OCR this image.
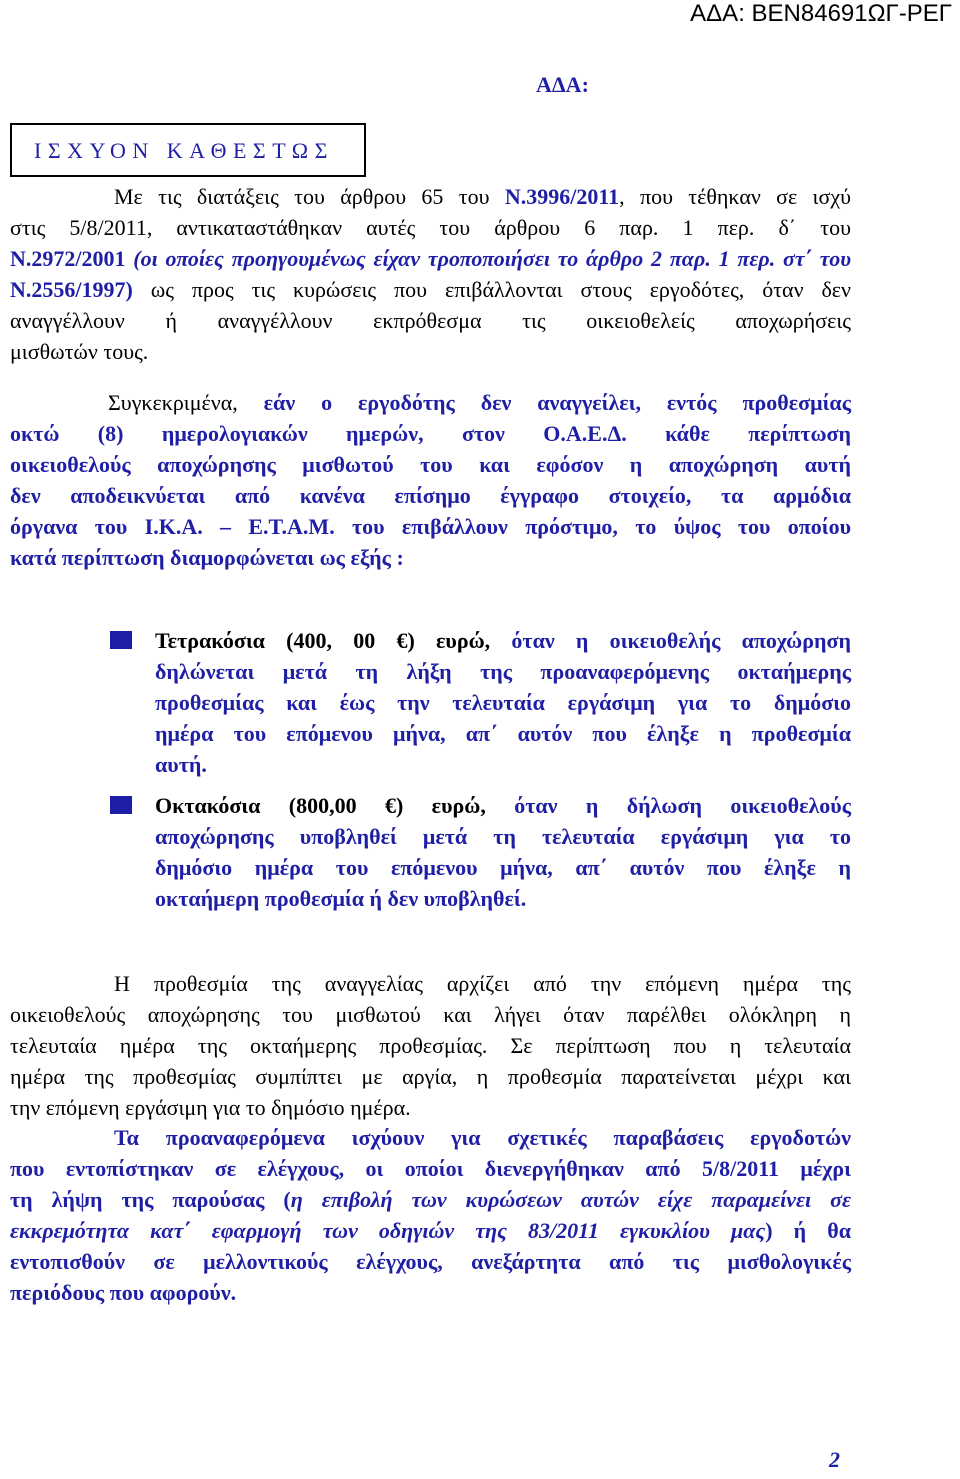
ΑΔΑ: ΒΕΝ84691ΩΓ-ΡΕΓ
ΑΔΑ:
ΙΣΧΥΟΝ ΚΑΘΕΣΤΩΣ
Με τις διατάξεις του άρθρου 65 του Ν.3996/2011, που τέθηκαν σε ισχύ
στις 5/8/2011, αντικαταστάθηκαν αυτές του άρθρου 6 παρ. 1 περ. δ΄ του
Ν.2972/2001 (οι οποίες προηγουμένως είχαν τροποποιήσει το άρθρο 2 παρ. 1 περ. στ΄ του
Ν.2556/1997) ως προς τις κυρώσεις που επιβάλλονται στους εργοδότες, όταν δεν
αναγγέλλουν ή αναγγέλλουν εκπρόθεσμα τις οικειοθελείς αποχωρήσεις
μισθωτών τους.
Συγκεκριμένα, εάν ο εργοδότης δεν αναγγείλει, εντός προθεσμίας
οκτώ (8) ημερολογιακών ημερών, στον Ο.Α.Ε.Δ. κάθε περίπτωση
οικειοθελούς αποχώρησης μισθωτού του και εφόσον η αποχώρηση αυτή
δεν αποδεικνύεται από κανένα επίσημο έγγραφο στοιχείο, τα αρμόδια
όργανα του Ι.Κ.Α. – Ε.Τ.Α.Μ. του επιβάλλουν πρόστιμο, το ύψος του οποίου
κατά περίπτωση διαμορφώνεται ως εξής :
Τετρακόσια (400, 00 €) ευρώ, όταν η οικειοθελής αποχώρηση
δηλώνεται μετά τη λήξη της προαναφερόμενης οκταήμερης
προθεσμίας και έως την τελευταία εργάσιμη για το δημόσιο
ημέρα του επόμενου μήνα, απ΄ αυτόν που έληξε η προθεσμία
αυτή.
Οκτακόσια (800,00 €) ευρώ, όταν η δήλωση οικειοθελούς
αποχώρησης υποβληθεί μετά τη τελευταία εργάσιμη για το
δημόσιο ημέρα του επόμενου μήνα, απ΄ αυτόν που έληξε η
οκταήμερη προθεσμία ή δεν υποβληθεί.
Η προθεσμία της αναγγελίας αρχίζει από την επόμενη ημέρα της
οικειοθελούς αποχώρησης του μισθωτού και λήγει όταν παρέλθει ολόκληρη η
τελευταία ημέρα της οκταήμερης προθεσμίας. Σε περίπτωση που η τελευταία
ημέρα της προθεσμίας συμπίπτει με αργία, η προθεσμία παρατείνεται μέχρι και
την επόμενη εργάσιμη για το δημόσιο ημέρα.
Τα προαναφερόμενα ισχύουν για σχετικές παραβάσεις εργοδοτών
που εντοπίστηκαν σε ελέγχους, οι οποίοι διενεργήθηκαν από 5/8/2011 μέχρι
τη λήψη της παρούσας (η επιβολή των κυρώσεων αυτών είχε παραμείνει σε
εκκρεμότητα κατ΄ εφαρμογή των οδηγιών της 83/2011 εγκυκλίου μας) ή θα
εντοπισθούν σε μελλοντικούς ελέγχους, ανεξάρτητα από τις μισθολογικές
περιόδους που αφορούν.
2
